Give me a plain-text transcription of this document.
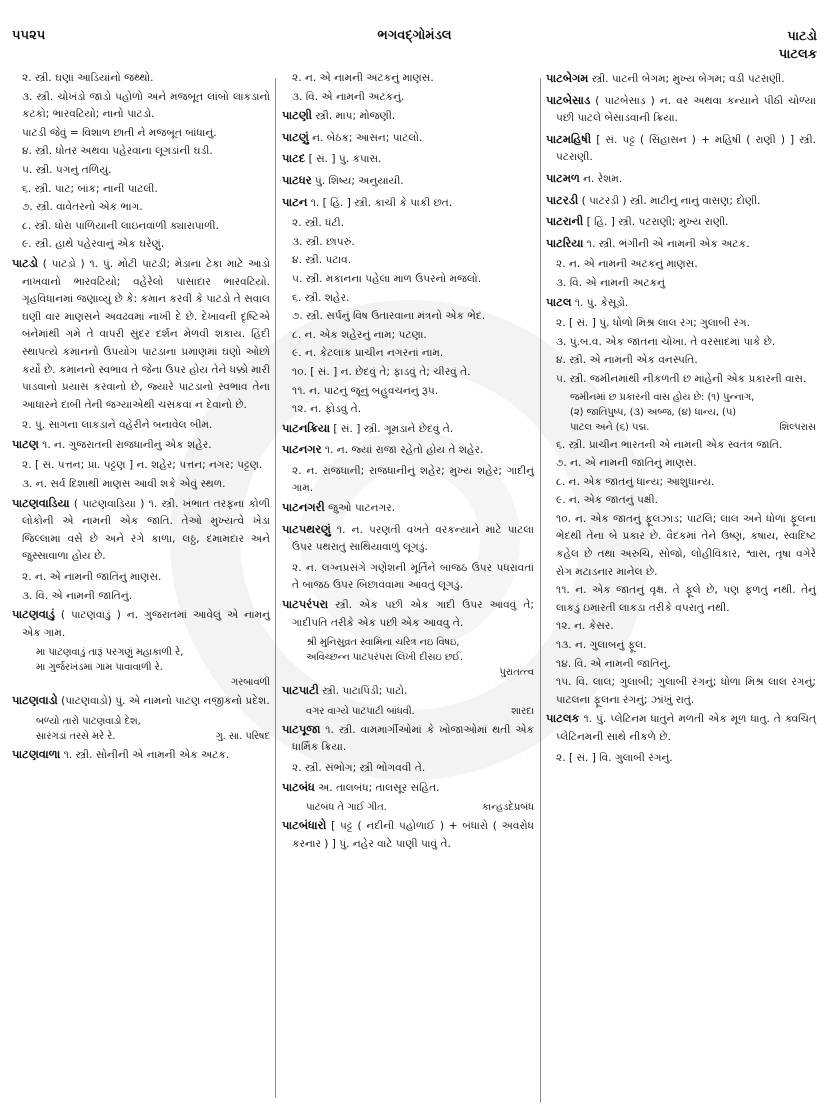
૫૫૨૫	ભગવદ્ગોમંડલ	પાટડો
પાટલક
૨. સ્ત્રી. ઘણાં આડિયાંનો જથ્થો.
૩. સ્ત્રી. ચોખંડો જાડો પહોળો અને મજબૂત લાંબો લાકડાનો કટકો; ભારવટિયો; નાનો પાટડો.
પાટડી જેવું = વિશાળ છાતી ને મજબૂત બાંધાનું.
૪. સ્ત્રી. ધોતર અથવા પહેરવાના લૂગડાંની ઘડી.
૫. સ્ત્રી. પગનું તળિયું.
૬. સ્ત્રી. પાટ; બાંક; નાની પાટલી.
૭. સ્ત્રી. વાવેતરનો એક ભાગ.
૮. સ્ત્રી. ધોરા પાળિયાની લાઇનવાળી ક્યારાપાળી.
૯. સ્ત્રી. હાથે પહેરવાનું એક ઘરેણું.
પાટડો ( પાટડ઼ો ) ૧. પું. મોટી પાટડી; મેડાના ટેકા માટે આડો નાખવાનો ભારવટિયો; વહેરેલો પાસાદાર ભારવટિયો. ગૃહવિધાનમાં જણાવ્યું છે કે: કમાન કરવી કે પાટડો તે સવાલ ઘણી વાર માણસને અવઢવમાં નાખી દે છે. દેખાવની દૃષ્ટિએ બંનેમાંથી ગમે તે વાપરી સુંદર દર્શન મેળવી શકાય. હિંદી સ્થાપત્યે કમાનનો ઉપયોગ પાટડાના પ્રમાણમાં ઘણો ઓછો કર્યો છે. કમાનનો સ્વભાવ તે જેના ઉપર હોય તેને ધક્કો મારી પાડવાનો પ્રયાસ કરવાનો છે, જ્યારે પાટડાનો સ્વભાવ તેના આધારને દાબી તેની જગ્યાએથી ચસકવા ન દેવાનો છે.
૨. પું. સાગના લાકડાને વહેરીને બનાવેલ બીમ.
પાટણ ૧. ન. ગુજરાતની રાજધાનીનું એક શહેર.
૨. [ સં. પત્તન; પ્રા. પટ્ટણ ] ન. શહેર; પત્તન; નગર; પટ્ટણ.
૩. ન. સર્વ દિશાથી માણસ આવી શકે એવું સ્થળ.
પાટણવાડિયા ( પાટણવાડ઼િયા ) ૧. સ્ત્રી. ખંભાત તરફના કોળી લોકોની એ નામની એક જાતિ. તેઓ મુખ્યત્વે ખેડા જિલ્લામાં વસે છે અને રંગે કાળા, લઠ્ઠ, દમામદાર અને જુસ્સાવાળા હોય છે.
૨. ન. એ નામની જાતિનું માણસ.
૩. વિ. એ નામની જાતિનું.
પાટણવાડું ( પાટણવાડ઼ું ) ન. ગુજરાતમાં આવેલું એ નામનું એક ગામ.
મા પાટણવાડું તારૂં પરગણું મહાકાળી રે,
મા ગુર્જરખંડમાં ગામ પાવાવાળી રે.
ગરબાવળી
પાટણવાડો (પાટણવાડ઼ો) પું. એ નામનો પાટણ નજીકનો પ્રદેશ.
બળ્યો તારો પાટણવાડો દેશ,
સારંગડાં તરસે મરે રે.	ગુ. સા. પરિષદ
પાટણવાળા ૧. સ્ત્રી. સોનીની એ નામની એક અટક.
૨. ન. એ નામની અટકનું માણસ.
૩. વિ. એ નામની અટકનું.
પાટણી સ્ત્રી. માપ; મોજણી.
પાટણું ન. બેઠક; આસન; પાટલો.
પાટદ [ સં. ] પું. કપાસ.
પાટધર પું. શિષ્ય; અનુયાયી.
પાટન ૧. [ હિં. ] સ્ત્રી. કાચી કે પાકી છત.
૨. સ્ત્રી. ધંટી.
૩. સ્ત્રી. છાપરું.
૪. સ્ત્રી. પટાવ.
૫. સ્ત્રી. મકાનના પહેલા માળ ઉપરનો મજલો.
૬. સ્ત્રી. શહેર.
૭. સ્ત્રી. સર્પનું વિષ ઉતારવાના મંત્રનો એક ભેદ.
૮. ન. એક શહેરનું નામ; પટણા.
૯. ન. કેટલાંક પ્રાચીન નગરનાં નામ.
૧૦. [ સં. ] ન. છેદવું તે; ફાડવું તે; ચીરવું તે.
૧૧. ન. પાટનું જૂનું બહુવચનનું રૂપ.
૧૨. ન. ફોડવું તે.
પાટનક્રિયા [ સં. ] સ્ત્રી. ગૂમડાને છેદવું તે.
પાટનગર ૧. ન. જ્યાં રાજા રહેતો હોય તે શહેર.
૨. ન. રાજધાની; રાજધાનીનું શહેર; મુખ્ય શહેર; ગાદીનું ગામ.
પાટનગરી જુઓ પાટનગર.
પાટપથરણું ૧. ન. પરણતી વખતે વરકન્યાને માટે પાટલા ઉપર પથરાતું સાથિયાવાળું લૂગડું.
૨. ન. લગ્નપ્રસંગે ગણેશની મૂર્તિને બાજઠ ઉપર પધરાવતાં તે બાજઠ ઉપર બિછાવવામાં આવતું લૂગડું.
પાટપરંપરા સ્ત્રી. એક પછી એક ગાદી ઉપર આવવું તે; ગાદીપતિ તરીકે એક પછી એક આવવુ તે.
શ્રી મુનિસુવ્રત સ્વામિના ચરિત્ર નઇ વિષઇ,
અવિચ્છન્ન પાટપરંપરા લિખી દીસઇ છઈ.
પુરાતત્ત્વ
પાટપાટી સ્ત્રી. પાટાપિંડી; પાટો.
વગર વાગ્યે પાટપાટી બાંધવી.	શારદા
પાટપૂજા ૧. સ્ત્રી. વામમાર્ગીઓમાં કે ખોજાઓમાં થતી એક ધાર્મિક ક્રિયા.
૨. સ્ત્રી. સંભોગ; સ્ત્રી ભોગવવી તે.
પાટબંધ અ. તાલબંધ; તાલસૂર સહિત.
પાટબંધ તે ગાઈ ગીત.	કાન્હડદેપ્રબંધ
પાટબંધારો [ પટ્ટ ( નદીની પહોળાઈ ) + બંધારો ( અવરોધ કરનાર ) ] પું. નહેર વાટે પાણી પાવું તે.
પાટબેગમ સ્ત્રી. પાટની બેગમ; મુખ્ય બેગમ; વડી પટરાણી.
પાટબેસાડ ( પાટબેસાડ઼ ) ન. વર અથવા કન્યાને પીઠી ચોળ્યા પછી પાટલે બેસાડવાની ક્રિયા.
પાટમહિષી [ સં. પટ્ટ ( સિંહાસન ) + મહિષી ( રાણી ) ] સ્ત્રી. પટરાણી.
પાટમળ ન. રેશમ.
પાટરડી ( પાટરડ઼ી ) સ્ત્રી. માટીનું નાનું વાસણ; દોણી.
પાટરાની [ હિં. ] સ્ત્રી. પટરાણી; મુખ્ય રાણી.
પાટરિયા ૧. સ્ત્રી. ભંગીની એ નામની એક અટક.
૨. ન. એ નામની અટકનું માણસ.
૩. વિ. એ નામની અટકનું
પાટલ ૧. પું. કેસૂડો.
૨. [ સં. ] પું. ધોળો મિશ્ર લાલ રંગ; ગુલાબી રંગ.
૩. પું.બ.વ. એક જાતના ચોખા. તે વરસાદમાં પાકે છે.
૪. સ્ત્રી. એ નામની એક વનસ્પતિ.
૫. સ્ત્રી. જમીનમાંથી નીકળતી છ માંહેની એક પ્રકારની વાસ.
જમીનમાં છ પ્રકારની વાસ હોય છે: (૧) પુન્નાગ,
(૨) જાતિપુષ્પ, (૩) અબ્જ, (૪) ધાન્ય, (૫)
પાટલ અને (૬) પદ્મ.	શિલ્પરાસ
૬. સ્ત્રી. પ્રાચીન ભારતની એ નામની એક સ્વતંત્ર જાતિ.
૭. ન. એ નામની જાતિનું માણસ.
૮. ન. એક જાતનું ધાન્ય; આશુધાન્ય.
૯. ન. એક જાતનું પક્ષી.
૧૦. ન. એક જાતનું ફૂલઝાડ; પાટલિ; લાલ અને ધોળાં ફૂલના ભેદથી તેના બે પ્રકાર છે. વૈદકમાં તેને ઉષ્ણ, કષાય, સ્વાદિષ્ટ કહેલ છે તથા અરુચિ, સોજો, લોહીવિકાર, શ્વાસ, તૃષા વગેરે રોગ મટાડનાર માનેલ છે.
૧૧. ન. એક જાતનું વૃક્ષ. તે ફૂલે છે, પણ ફળતું નથી. તેનું લાકડું ઇમારતી લાકડા તરીકે વપરાતું નથી.
૧૨. ન. કેસર.
૧૩. ન. ગુલાબનું ફૂલ.
૧૪. વિ. એ નામની જાતિનું.
૧૫. વિ. લાલ; ગુલાબી; ગુલાબી રંગનું; ધોળા મિશ્ર લાલ રંગનું; પાટલના ફૂલના રંગનું; ઝાંખું રાતું.
પાટલક ૧. પું. પ્લેટિનમ ધાતુને મળતી એક મૂળ ધાતુ. તે ક્વચિત્ પ્લેટિનમની સાથે નીકળે છે.
૨. [ સં. ] વિ. ગુલાબી રંગનું.
